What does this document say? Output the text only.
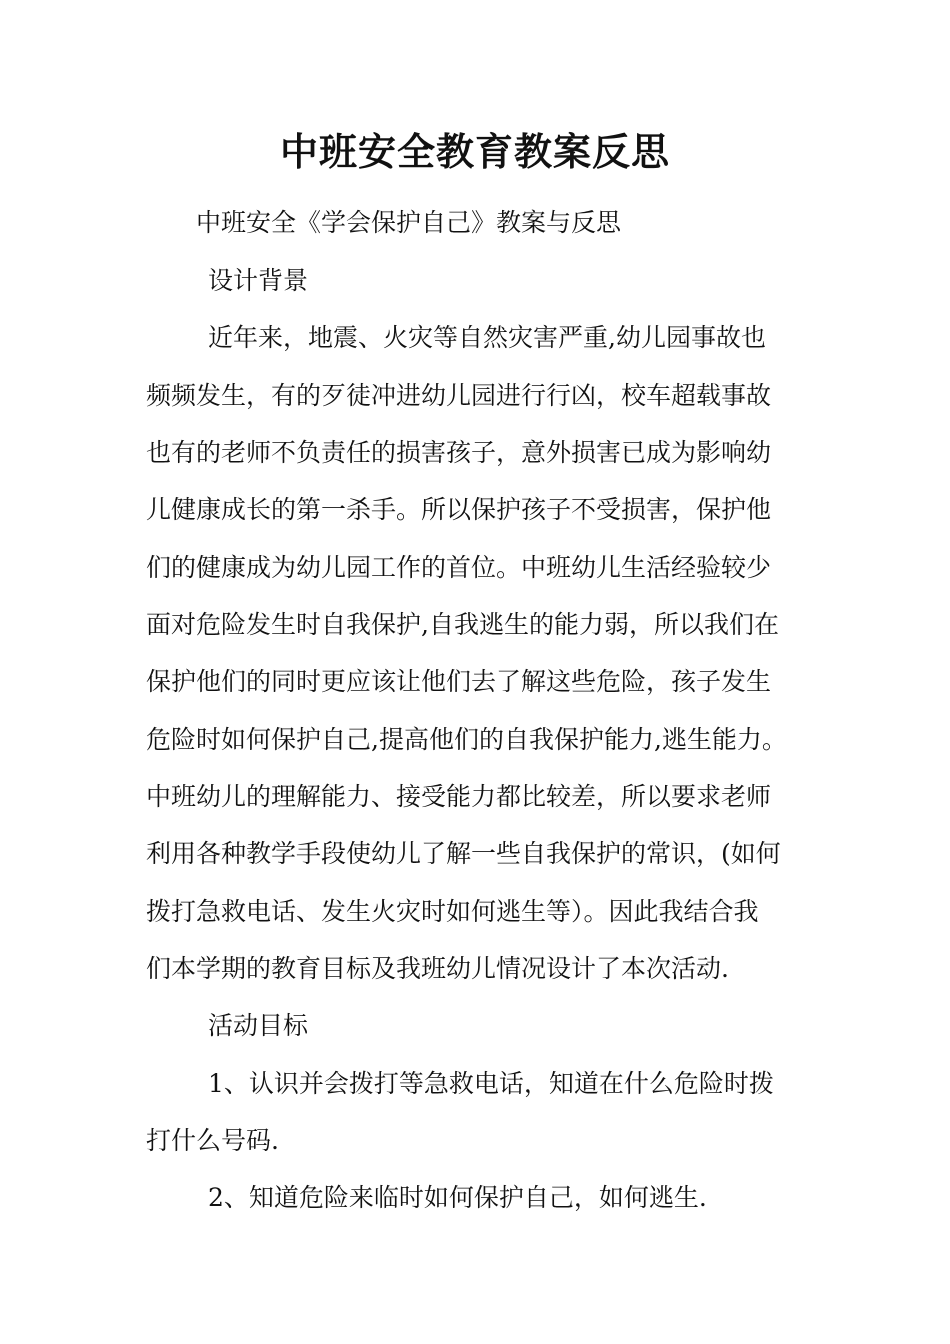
中班安全教育教案反思
中班安全《学会保护自己》教案与反思
设计背景
近年来，地震、火灾等自然灾害严重,幼儿园事故也
频频发生，有的歹徒冲进幼儿园进行行凶，校车超载事故
也有的老师不负责任的损害孩子，意外损害已成为影响幼
儿健康成长的第一杀手。所以保护孩子不受损害，保护他
们的健康成为幼儿园工作的首位。中班幼儿生活经验较少
面对危险发生时自我保护,自我逃生的能力弱，所以我们在
保护他们的同时更应该让他们去了解这些危险，孩子发生
危险时如何保护自己,提高他们的自我保护能力,逃生能力。
中班幼儿的理解能力、接受能力都比较差，所以要求老师
利用各种教学手段使幼儿了解一些自我保护的常识，(如何
拨打急救电话、发生火灾时如何逃生等）。因此我结合我
们本学期的教育目标及我班幼儿情况设计了本次活动.
活动目标
1、认识并会拨打等急救电话，知道在什么危险时拨
打什么号码.
2、知道危险来临时如何保护自己，如何逃生.
